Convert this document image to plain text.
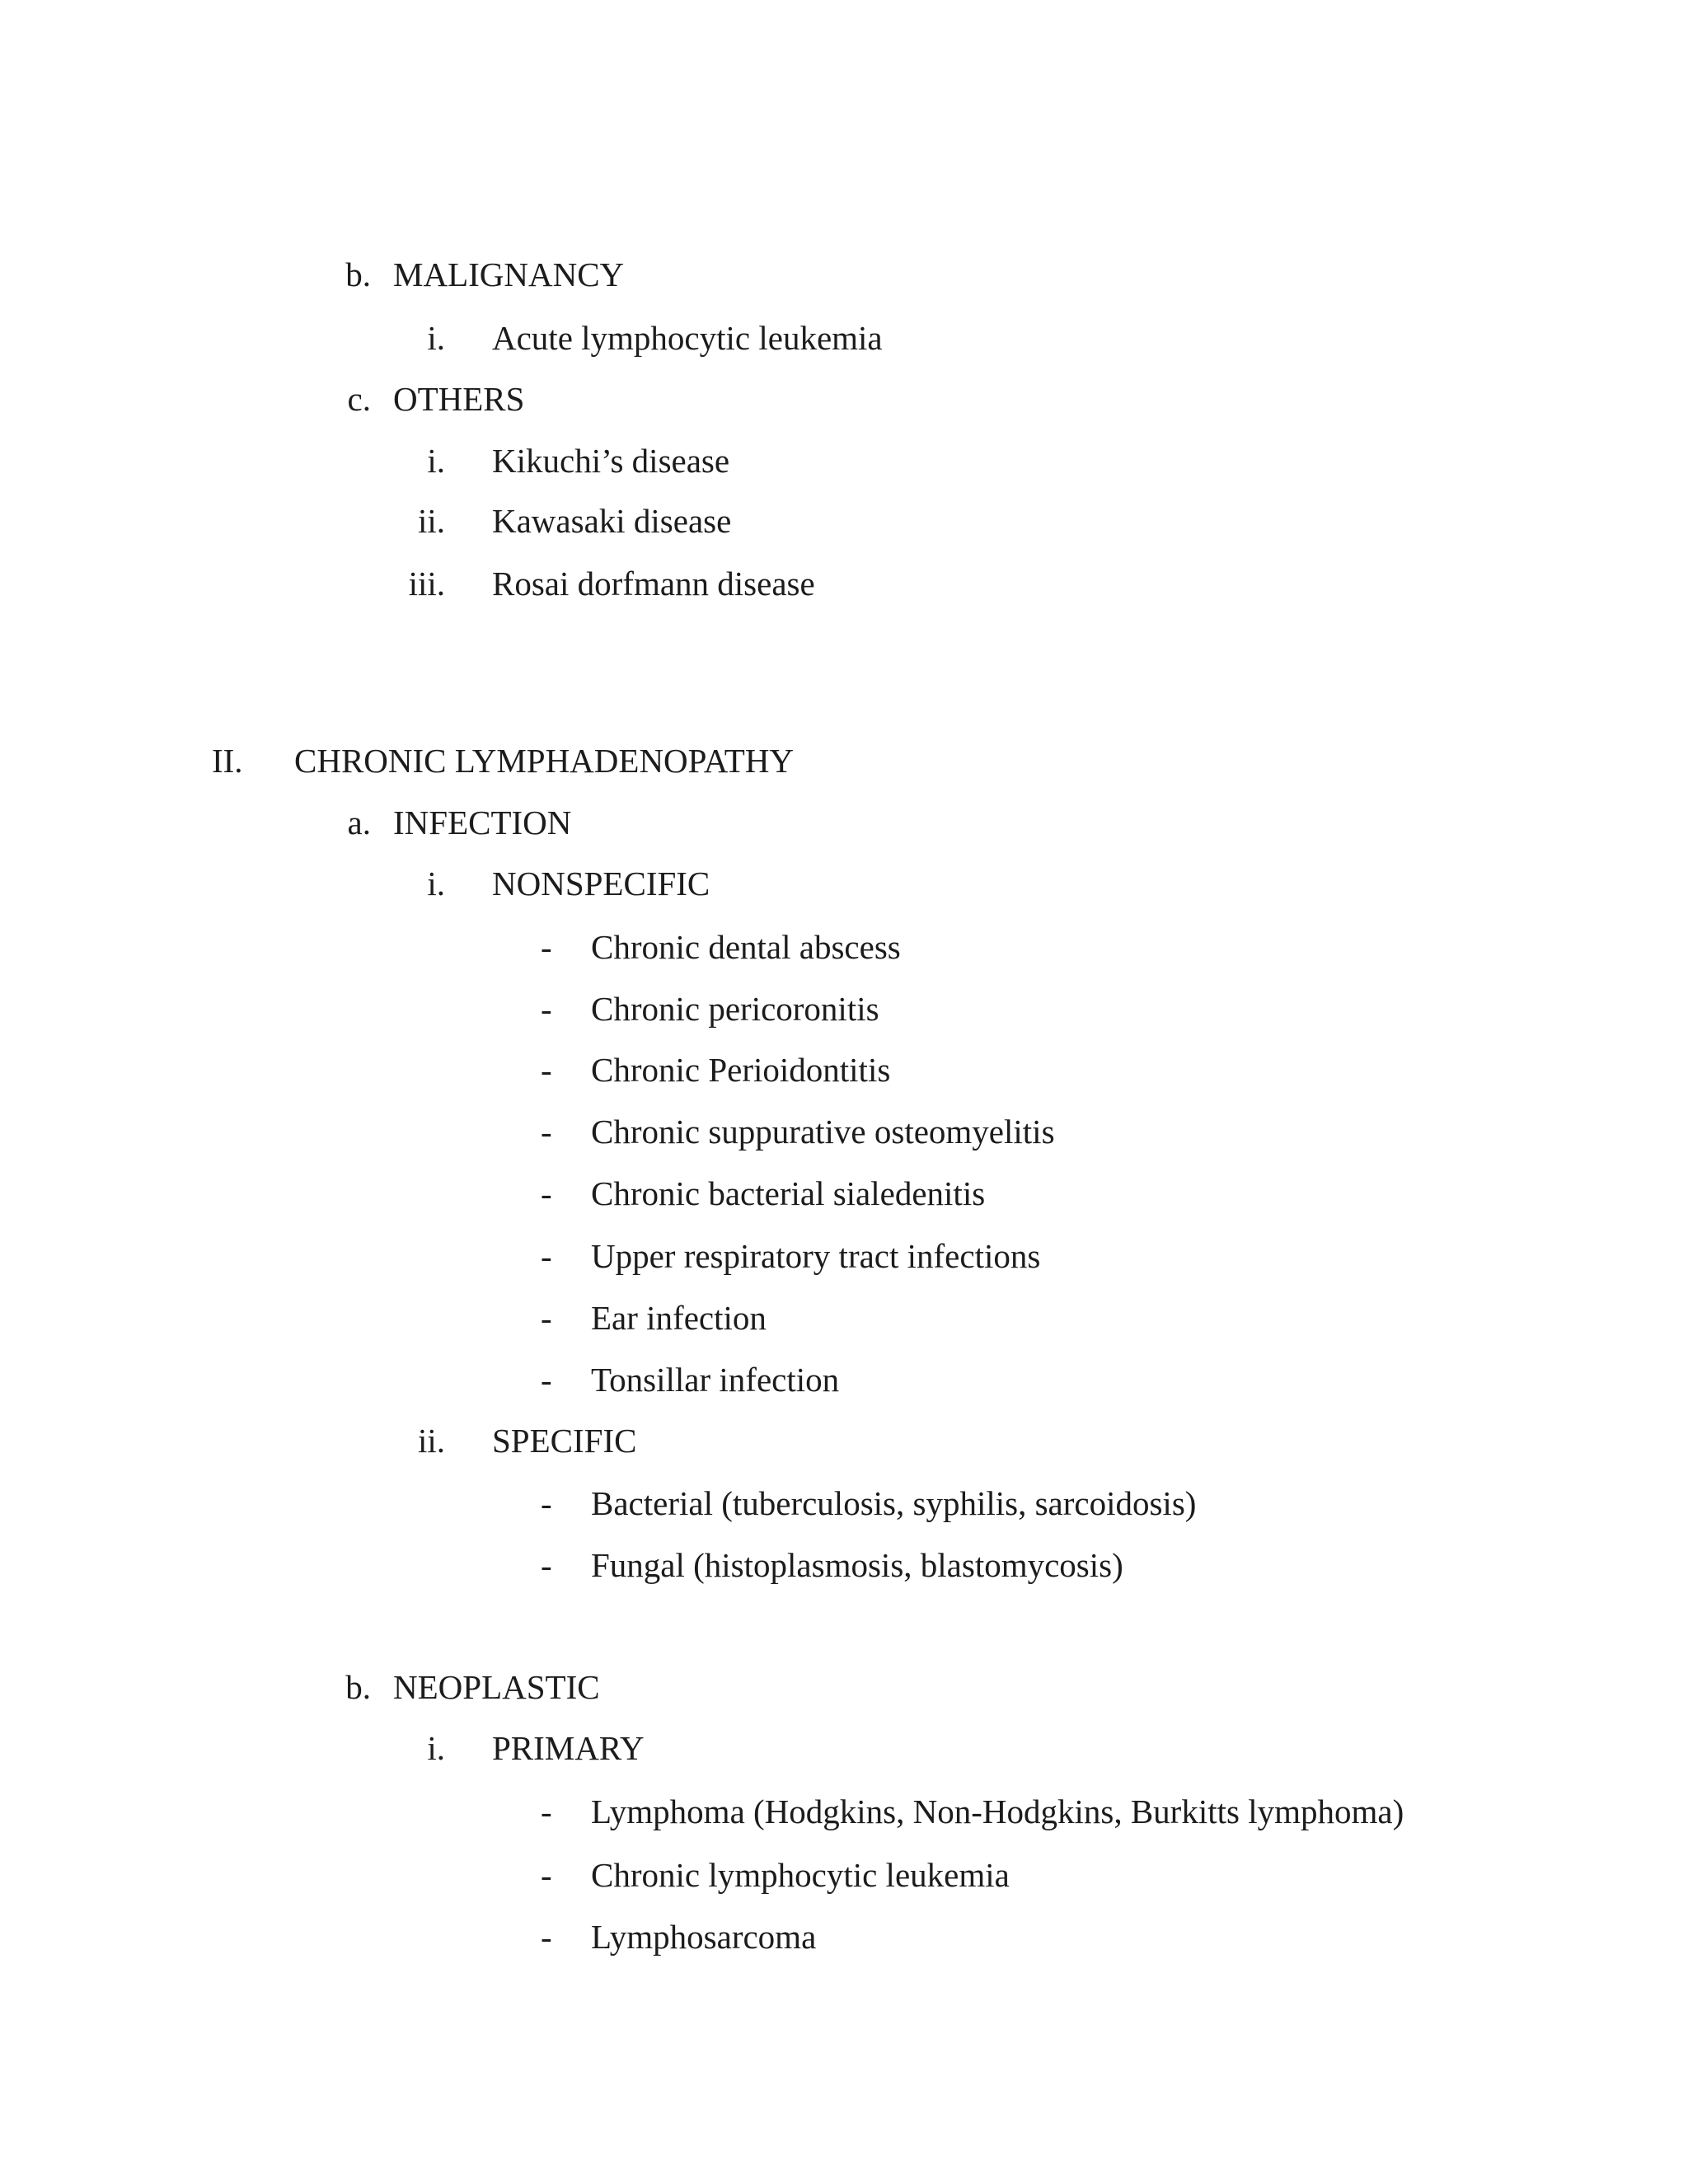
b. MALIGNANCY
i. Acute lymphocytic leukemia
c. OTHERS
i. Kikuchi’s disease
ii. Kawasaki disease
iii. Rosai dorfmann disease
II. CHRONIC LYMPHADENOPATHY
a. INFECTION
i. NONSPECIFIC
- Chronic dental abscess
- Chronic pericoronitis
- Chronic Perioidontitis
- Chronic suppurative osteomyelitis
- Chronic bacterial sialedenitis
- Upper respiratory tract infections
- Ear infection
- Tonsillar infection
ii. SPECIFIC
- Bacterial (tuberculosis, syphilis, sarcoidosis)
- Fungal (histoplasmosis, blastomycosis)
b. NEOPLASTIC
i. PRIMARY
- Lymphoma (Hodgkins, Non-Hodgkins, Burkitts lymphoma)
- Chronic lymphocytic leukemia
- Lymphosarcoma
